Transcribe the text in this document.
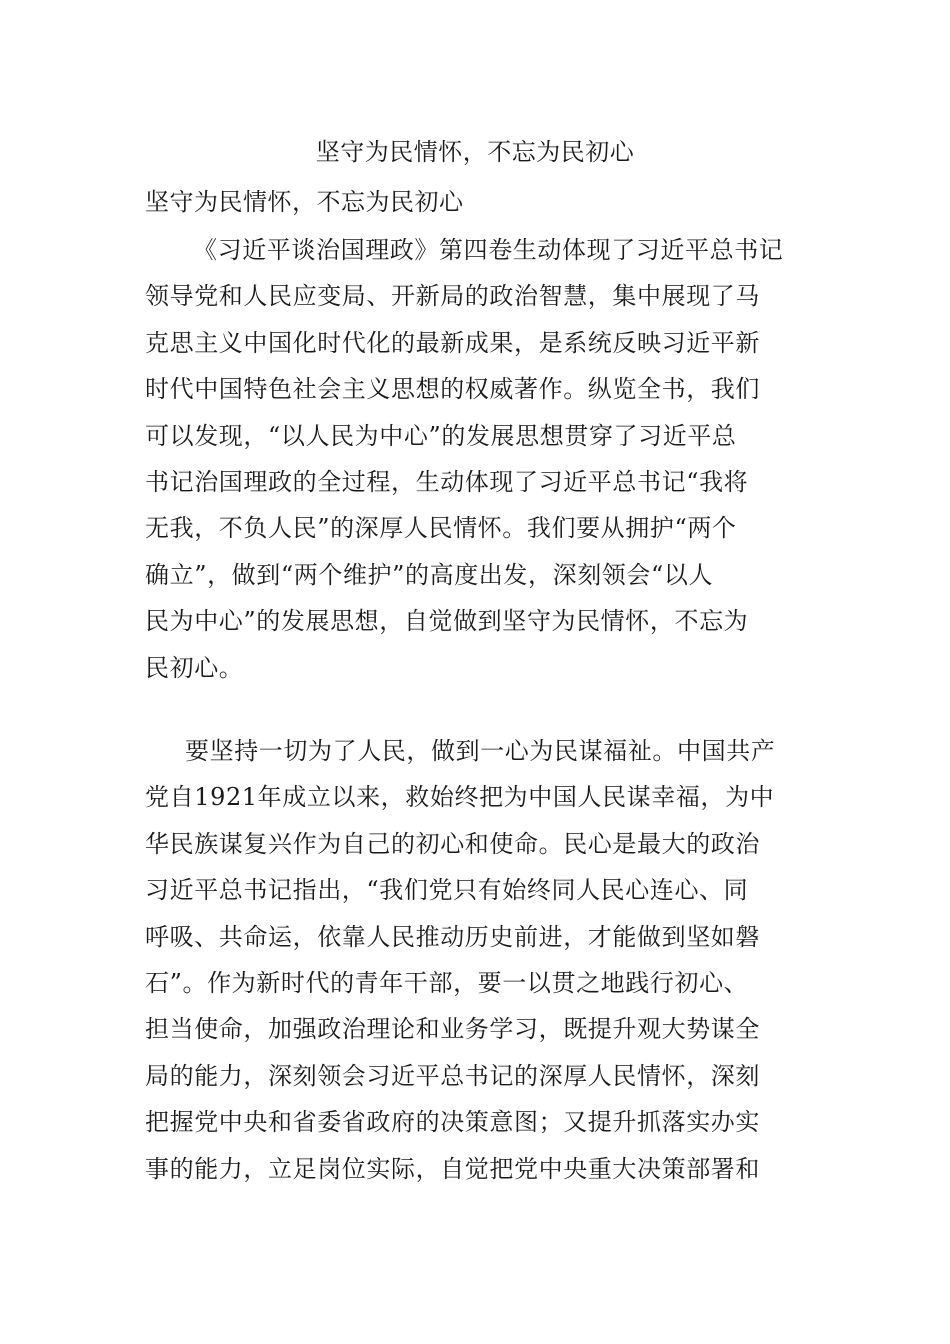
坚守为民情怀，不忘为民初心
坚守为民情怀，不忘为民初心

《习近平谈治国理政》第四卷生动体现了习近平总书记
领导党和人民应变局、开新局的政治智慧，集中展现了马
克思主义中国化时代化的最新成果，是系统反映习近平新
时代中国特色社会主义思想的权威著作。纵览全书，我们
可以发现，“以人民为中心”的发展思想贯穿了习近平总
书记治国理政的全过程，生动体现了习近平总书记“我将
无我，不负人民”的深厚人民情怀。我们要从拥护“两个
确立”，做到“两个维护”的高度出发，深刻领会“以人
民为中心”的发展思想，自觉做到坚守为民情怀，不忘为
民初心。

要坚持一切为了人民，做到一心为民谋福祉。中国共产
党自1921年成立以来，救始终把为中国人民谋幸福，为中
华民族谋复兴作为自己的初心和使命。民心是最大的政治
习近平总书记指出，“我们党只有始终同人民心连心、同
呼吸、共命运，依靠人民推动历史前进，才能做到坚如磐
石”。作为新时代的青年干部，要一以贯之地践行初心、
担当使命，加强政治理论和业务学习，既提升观大势谋全
局的能力，深刻领会习近平总书记的深厚人民情怀，深刻
把握党中央和省委省政府的决策意图；又提升抓落实办实
事的能力，立足岗位实际，自觉把党中央重大决策部署和
